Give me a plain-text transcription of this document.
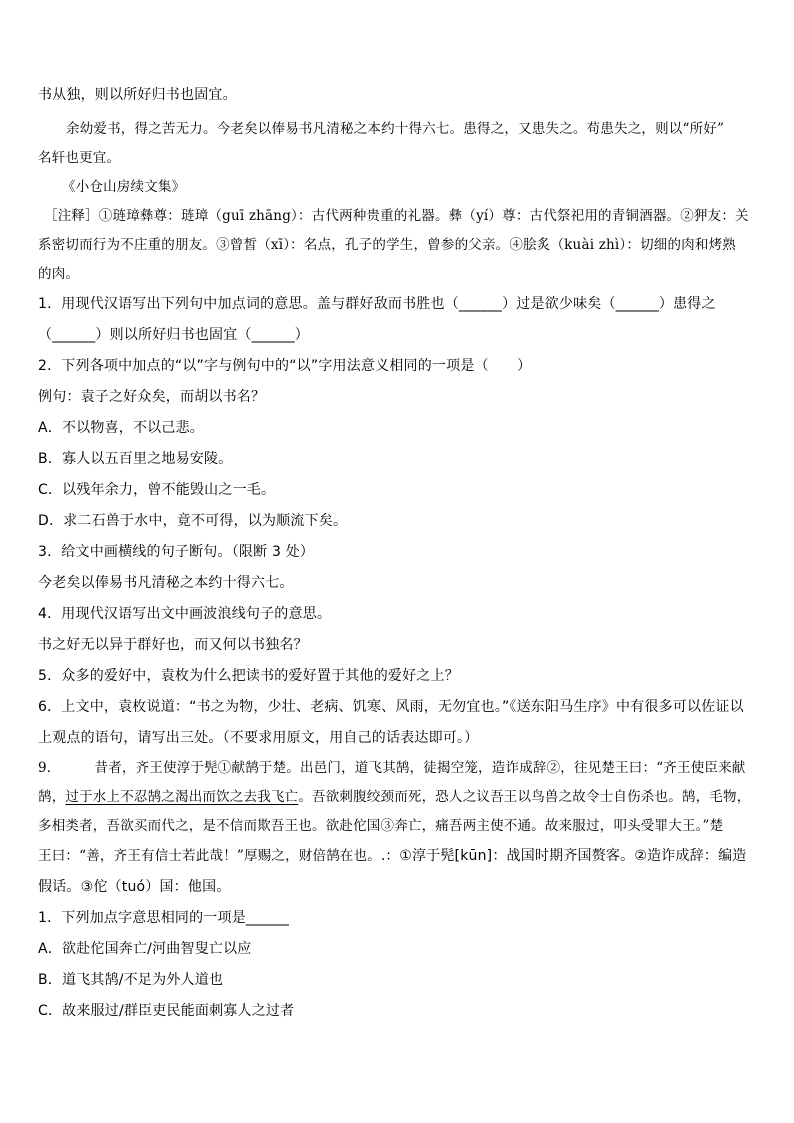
书从独，则以所好归书也固宜。
余幼爱书，得之苦无力。今老矣以俸易书凡清秘之本约十得六七。患得之，又患失之。苟患失之，则以“所好”
名轩也更宜。
《小仓山房续文集》
［注释］①琏璋彝尊：琏璋（guī zhāng）：古代两种贵重的礼器。彝（yí）尊：古代祭祀用的青铜酒器。②狎友：关
系密切而行为不庄重的朋友。③曾皙（xī）：名点，孔子的学生，曾参的父亲。④脍炙（kuài zhì）：切细的肉和烤熟
的肉。
1．用现代汉语写出下列句中加点词的意思。盖与群好敌而书胜也（______）过是欲少味矣（______）患得之
（______）则以所好归书也固宜（______）
2．下列各项中加点的“以”字与例句中的“以”字用法意义相同的一项是（　　）
例句：袁子之好众矣，而胡以书名？
A．不以物喜，不以己悲。
B．寡人以五百里之地易安陵。
C．以残年余力，曾不能毁山之一毛。
D．求二石兽于水中，竟不可得，以为顺流下矣。
3．给文中画横线的句子断句。（限断 3 处）
今老矣以俸易书凡清秘之本约十得六七。
4．用现代汉语写出文中画波浪线句子的意思。
书之好无以异于群好也，而又何以书独名？
5．众多的爱好中，袁枚为什么把读书的爱好置于其他的爱好之上？
6．上文中，袁枚说道：“书之为物，少壮、老病、饥寒、风雨，无勿宜也。”《送东阳马生序》中有很多可以佐证以
上观点的语句，请写出三处。（不要求用原文，用自己的话表达即可。）
9．	昔者，齐王使淳于髡①献鹄于楚。出邑门，道飞其鹄，徒揭空笼，造诈成辞②，往见楚王曰：“齐王使臣来献
鹄，过于水上不忍鹄之渴出而饮之去我飞亡。吾欲刺腹绞颈而死，恐人之议吾王以鸟兽之故令士自伤杀也。鹄，毛物，
多相类者，吾欲买而代之，是不信而欺吾王也。欲赴佗国③奔亡，痛吾两主使不通。故来服过，叩头受罪大王。”楚
王曰：“善，齐王有信士若此哉！”厚赐之，财倍鹄在也。.：①淳于髡[kūn]：战国时期齐国赘客。②造诈成辞：编造
假话。③佗（tuó）国：他国。
1．下列加点字意思相同的一项是______
A．欲赴佗国奔亡/河曲智叟亡以应
B．道飞其鹄/不足为外人道也
C．故来服过/群臣吏民能面刺寡人之过者
